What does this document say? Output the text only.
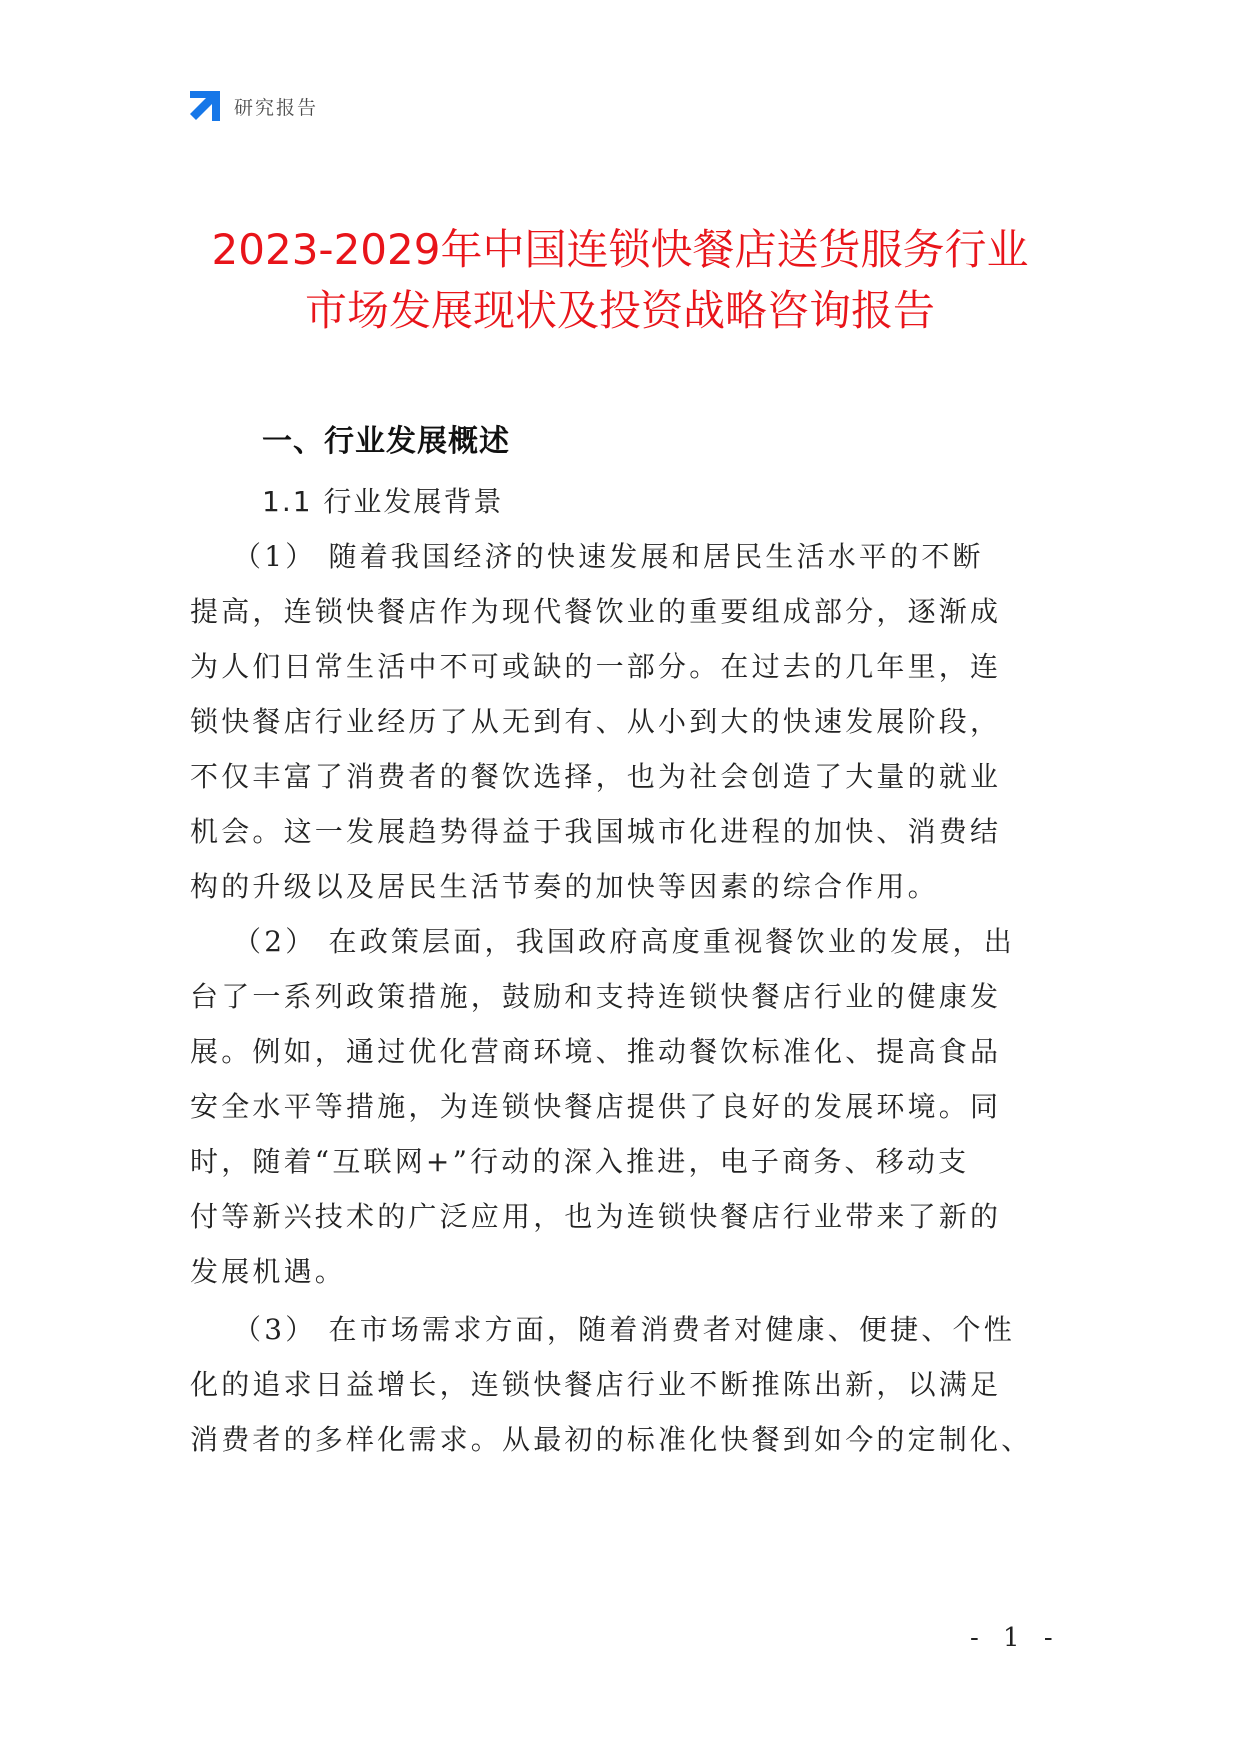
研究报告
2023-2029年中国连锁快餐店送货服务行业
市场发展现状及投资战略咨询报告
一、行业发展概述
1.1 行业发展背景
（1） 随着我国经济的快速发展和居民生活水平的不断
提高，连锁快餐店作为现代餐饮业的重要组成部分，逐渐成
为人们日常生活中不可或缺的一部分。在过去的几年里，连
锁快餐店行业经历了从无到有、从小到大的快速发展阶段，
不仅丰富了消费者的餐饮选择，也为社会创造了大量的就业
机会。这一发展趋势得益于我国城市化进程的加快、消费结
构的升级以及居民生活节奏的加快等因素的综合作用。
（2） 在政策层面，我国政府高度重视餐饮业的发展，出
台了一系列政策措施，鼓励和支持连锁快餐店行业的健康发
展。例如，通过优化营商环境、推动餐饮标准化、提高食品
安全水平等措施，为连锁快餐店提供了良好的发展环境。同
时，随着“互联网+”行动的深入推进，电子商务、移动支
付等新兴技术的广泛应用，也为连锁快餐店行业带来了新的
发展机遇。
（3） 在市场需求方面，随着消费者对健康、便捷、个性
化的追求日益增长，连锁快餐店行业不断推陈出新，以满足
消费者的多样化需求。从最初的标准化快餐到如今的定制化、
- 1 -
